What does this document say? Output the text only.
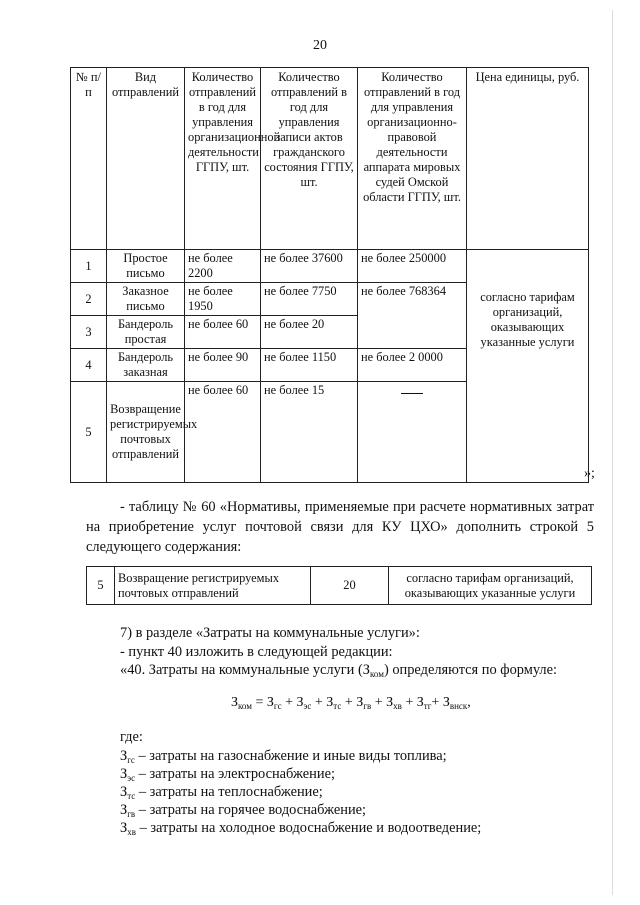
20
№ п/п	Вид отправлений	Количество отправлений в год для управления организационной деятельности ГГПУ, шт.	Количество отправлений в год для управления записи актов гражданского состояния ГГПУ, шт.	Количество отправлений в год для управления организационно-правовой деятельности аппарата мировых судей Омской области ГГПУ, шт.	Цена единицы, руб.
1	Простое письмо	не более 2200	не более 37600	не более 250000	согласно тарифам организаций, оказывающих указанные услуги
2	Заказное письмо	не более 1950	не более 7750	не более 768364	
3	Бандероль простая	не более 60	не более 20		
4	Бандероль заказная	не более 90	не более 1150	не более 2 0000	
5	Возвращение регистрируемых почтовых отправлений	не более 60	не более 15		
»;
- таблицу № 60 «Нормативы, применяемые при расчете нормативных затрат на приобретение услуг почтовой связи для КУ ЦХО» дополнить строкой 5 следующего содержания:
5	Возвращение регистрируемых почтовых отправлений	20	согласно тарифам организаций, оказывающих указанные услуги
7) в разделе «Затраты на коммунальные услуги»:
- пункт 40 изложить в следующей редакции:
«40. Затраты на коммунальные услуги $(З_{ком})$ определяются по формуле:
$З_{ком} = З_{гс} + З_{эс} + З_{тс} + З_{гв} + З_{хв} + З_{тг}+ З_{внск}$,
где:
$З_{гс}$ – затраты на газоснабжение и иные виды топлива;
$З_{эс}$ – затраты на электроснабжение;
$З_{тс}$ – затраты на теплоснабжение;
$З_{гв}$ – затраты на горячее водоснабжение;
$З_{хв}$ – затраты на холодное водоснабжение и водоотведение;
